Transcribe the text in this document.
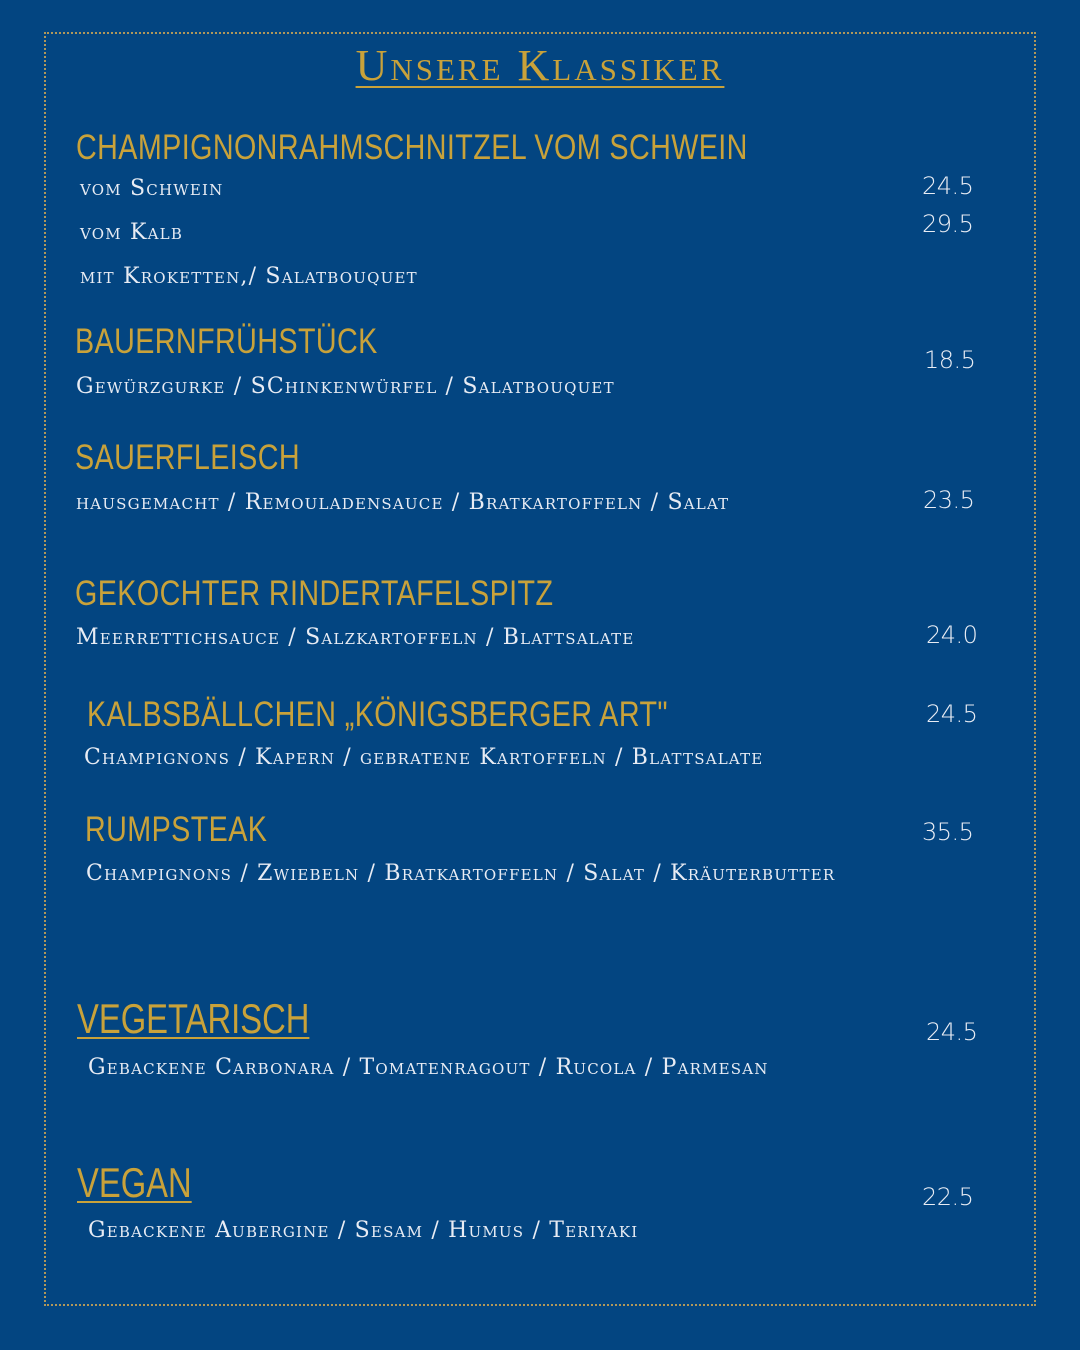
Unsere Klassiker
CHAMPIGNONRAHMSCHNITZEL VOM SCHWEIN
vom Schwein	24.5
vom Kalb	29.5
mit Kroketten,/ Salatbouquet
BAUERNFRÜHSTÜCK	18.5
Gewürzgurke / SChinkenwürfel / Salatbouquet
SAUERFLEISCH
hausgemacht / Remouladensauce / Bratkartoffeln / Salat	23.5
GEKOCHTER RINDERTAFELSPITZ
Meerrettichsauce / Salzkartoffeln / Blattsalate	24.0
KALBSBÄLLCHEN „KÖNIGSBERGER ART"	24.5
Champignons / Kapern / gebratene Kartoffeln / Blattsalate
RUMPSTEAK	35.5
Champignons / Zwiebeln / Bratkartoffeln / Salat / Kräuterbutter
VEGETARISCH	24.5
Gebackene Carbonara / Tomatenragout / Rucola / Parmesan
VEGAN	22.5
Gebackene Aubergine / Sesam / Humus / Teriyaki
